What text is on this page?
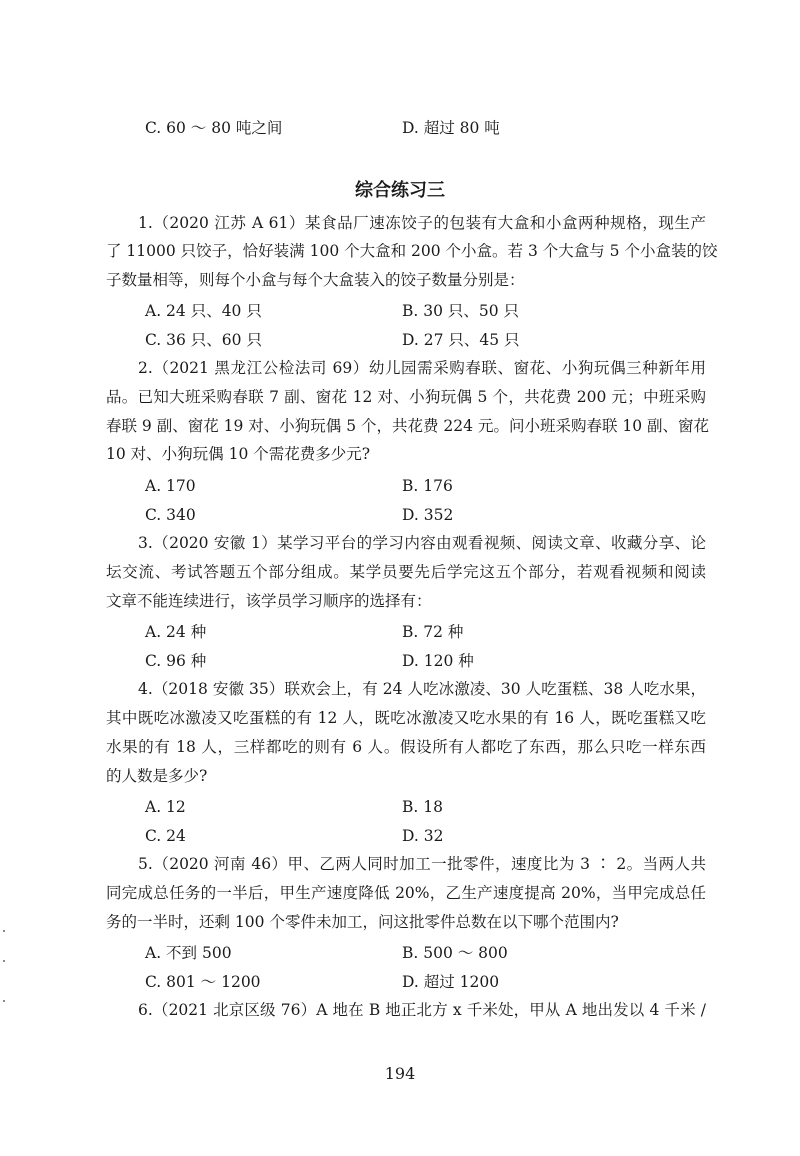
C. 60 ～ 80 吨之间	D. 超过 80 吨
综合练习三
1.（2020 江苏 A 61）某食品厂速冻饺子的包装有大盒和小盒两种规格，现生产
了 11000 只饺子，恰好装满 100 个大盒和 200 个小盒。若 3 个大盒与 5 个小盒装的饺
子数量相等，则每个小盒与每个大盒装入的饺子数量分别是：
A. 24 只、40 只	B. 30 只、50 只
C. 36 只、60 只	D. 27 只、45 只
2.（2021 黑龙江公检法司 69）幼儿园需采购春联、窗花、小狗玩偶三种新年用
品。已知大班采购春联 7 副、窗花 12 对、小狗玩偶 5 个，共花费 200 元；中班采购
春联 9 副、窗花 19 对、小狗玩偶 5 个，共花费 224 元。问小班采购春联 10 副、窗花
10 对、小狗玩偶 10 个需花费多少元?
A. 170	B. 176
C. 340	D. 352
3.（2020 安徽 1）某学习平台的学习内容由观看视频、阅读文章、收藏分享、论
坛交流、考试答题五个部分组成。某学员要先后学完这五个部分，若观看视频和阅读
文章不能连续进行，该学员学习顺序的选择有：
A. 24 种	B. 72 种
C. 96 种	D. 120 种
4.（2018 安徽 35）联欢会上，有 24 人吃冰激凌、30 人吃蛋糕、38 人吃水果，
其中既吃冰激凌又吃蛋糕的有 12 人，既吃冰激凌又吃水果的有 16 人，既吃蛋糕又吃
水果的有 18 人，三样都吃的则有 6 人。假设所有人都吃了东西，那么只吃一样东西
的人数是多少?
A. 12	B. 18
C. 24	D. 32
5.（2020 河南 46）甲、乙两人同时加工一批零件，速度比为 3 ∶ 2。当两人共
同完成总任务的一半后，甲生产速度降低 20%，乙生产速度提高 20%，当甲完成总任
务的一半时，还剩 100 个零件未加工，问这批零件总数在以下哪个范围内?
A. 不到 500	B. 500 ～ 800
C. 801 ～ 1200	D. 超过 1200
6.（2021 北京区级 76）A 地在 B 地正北方 x 千米处，甲从 A 地出发以 4 千米 /
194
